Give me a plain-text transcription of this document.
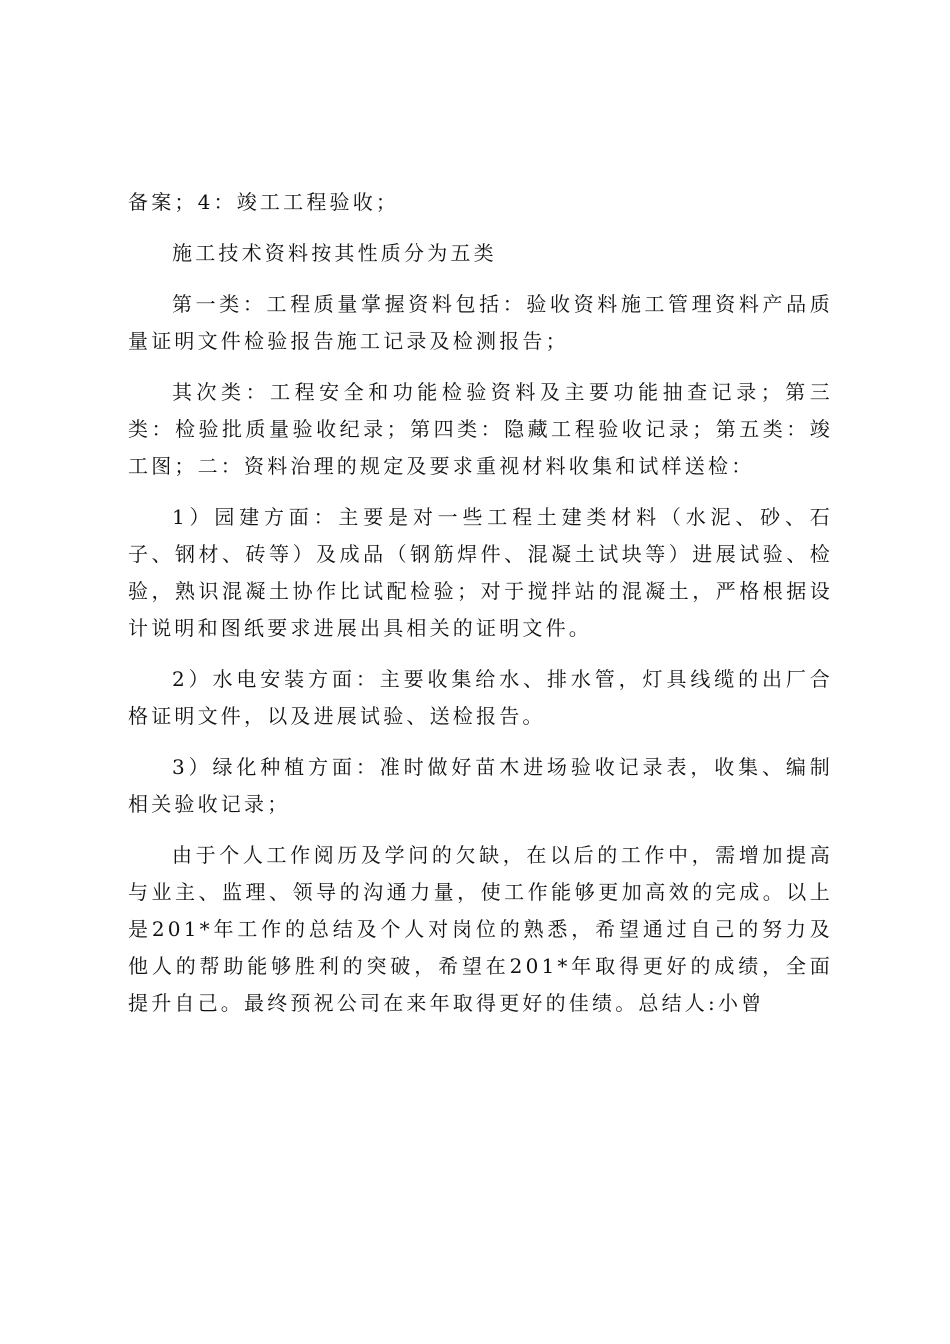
备案；4：竣工工程验收；

施工技术资料按其性质分为五类

第一类：工程质量掌握资料包括：验收资料施工管理资料产品质量证明文件检验报告施工记录及检测报告；

其次类：工程安全和功能检验资料及主要功能抽查记录；第三类：检验批质量验收纪录；第四类：隐藏工程验收记录；第五类：竣工图；二：资料治理的规定及要求重视材料收集和试样送检：

1）园建方面：主要是对一些工程土建类材料（水泥、砂、石子、钢材、砖等）及成品（钢筋焊件、混凝土试块等）进展试验、检验，熟识混凝土协作比试配检验；对于搅拌站的混凝土，严格根据设计说明和图纸要求进展出具相关的证明文件。

2）水电安装方面：主要收集给水、排水管，灯具线缆的出厂合格证明文件，以及进展试验、送检报告。

3）绿化种植方面：准时做好苗木进场验收记录表，收集、编制相关验收记录；

由于个人工作阅历及学问的欠缺，在以后的工作中，需增加提高与业主、监理、领导的沟通力量，使工作能够更加高效的完成。以上是201*年工作的总结及个人对岗位的熟悉，希望通过自己的努力及他人的帮助能够胜利的突破，希望在201*年取得更好的成绩，全面提升自己。最终预祝公司在来年取得更好的佳绩。总结人:小曾
